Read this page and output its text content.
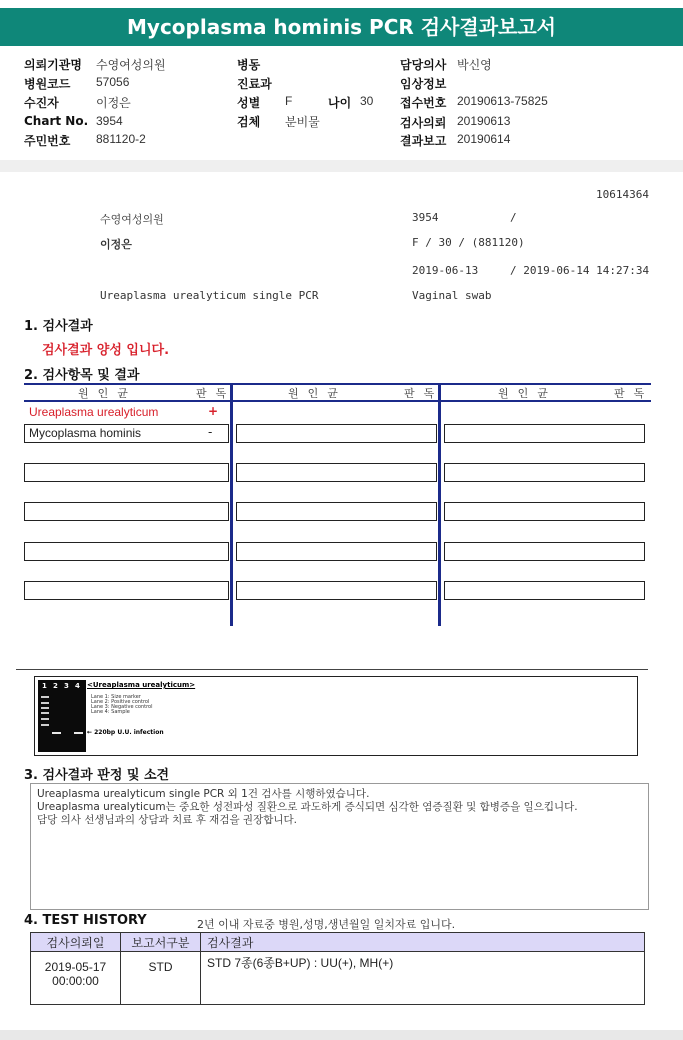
Mycoplasma hominis PCR 검사결과보고서
의뢰기관명 수영여성의원
병원코드 57056
수진자	이정은
Chart No. 3954
주민번호 881120-2
병동
진료과
성별 F	나이 30
검체 분비물
담당의사 박신영
임상정보
접수번호 20190613-75825
검사의뢰 20190613
결과보고 20190614
10614364
수영여성의원	3954	/
이정은	F / 30 / (881120)
2019-06-13	/ 2019-06-14 14:27:34
Ureaplasma urealyticum single PCR	Vaginal swab
1. 검사결과
검사결과 양성 입니다.
2. 검사항목 및 결과
원인균	판독	원인균	판독	원인균	판독
Ureaplasma urealyticum	+
Mycoplasma hominis	-
1 2 3 4 <Ureaplasma urealyticum>
Lane 1: Size marker
Lane 2: Positive control
Lane 3: Negative control
Lane 4: Sample
← 220bp U.U. infection
3. 검사결과 판정 및 소견
Ureaplasma urealyticum single PCR 외 1건 검사를 시행하였습니다.
Ureaplasma urealyticum는 중요한 성전파성 질환으로 과도하게 증식되면 심각한 염증질환 및 합병증을 일으킵니다.
담당 의사 선생님과의 상담과 치료 후 재검을 권장합니다.
4. TEST HISTORY	2년 이내 자료중 병원,성명,생년월일 일치자료 입니다.
검사의뢰일	보고서구분	검사결과

2019-05-17
00:00:00	STD	STD 7종(6종B+UP) : UU(+), MH(+)
